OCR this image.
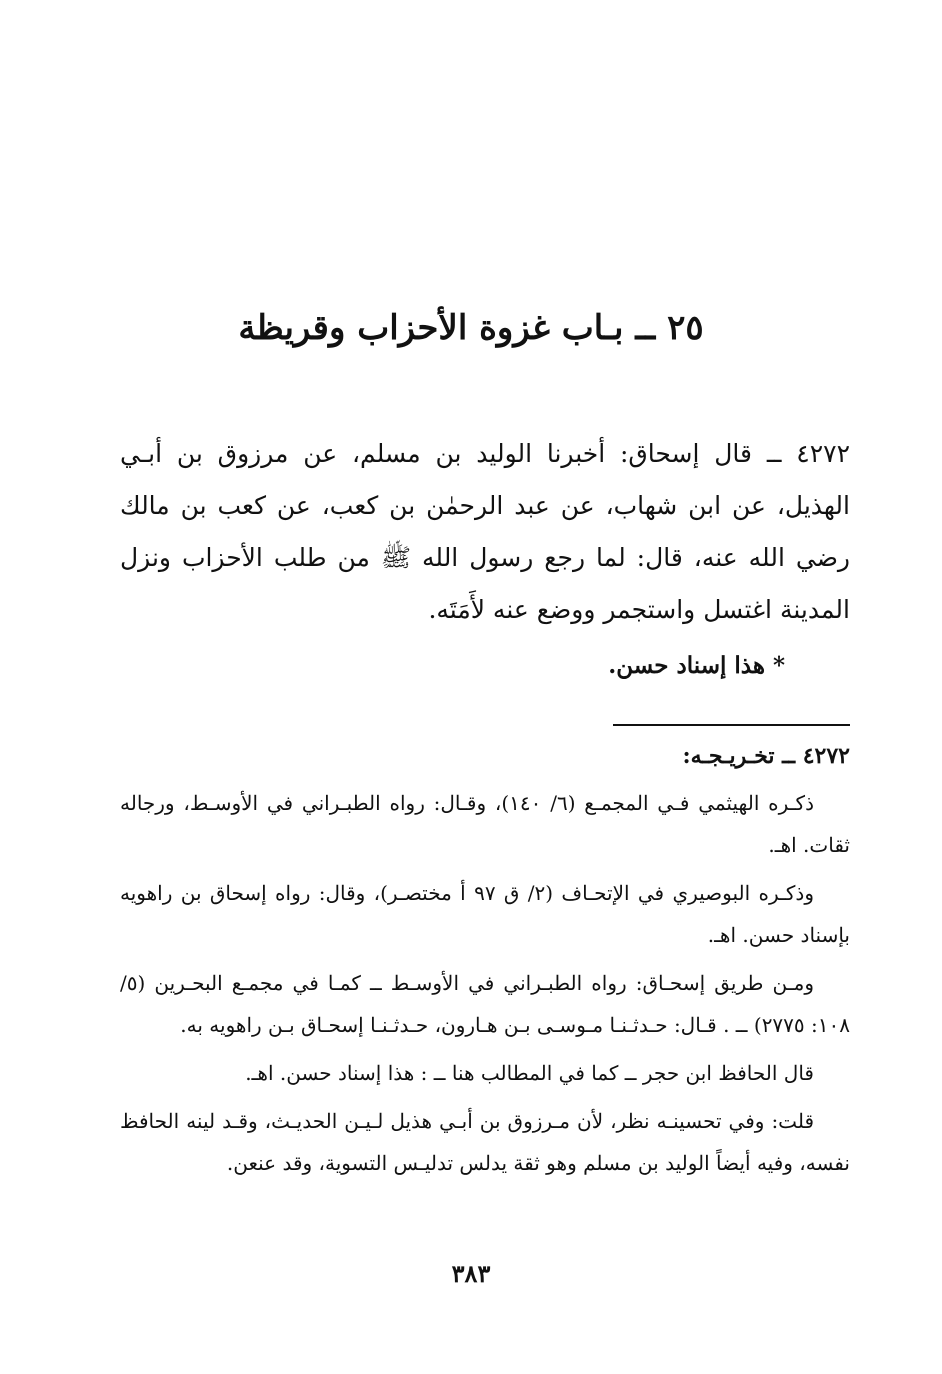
٢٥ ــ بـاب غزوة الأحزاب وقريظة
٤٢٧٢ ــ قال إسحاق: أخبرنا الوليد بن مسلم، عن مرزوق بن أبـي الهذيل، عن ابن شهاب، عن عبد الرحمٰن بن كعب، عن كعب بن مالك رضي الله عنه، قال: لما رجع رسول الله ﷺ من طلب الأحزاب ونزل المدينة اغتسل واستجمر ووضع عنه لأَمَتَه.
* هذا إسناد حسن.
٤٢٧٢ ــ تخـريـجـه:

ذكـره الهيثمي فـي المجمـع (٦/ ١٤٠)، وقـال: رواه الطبـراني في الأوسـط، ورجاله ثقات. اهـ.

وذكـره البوصيري في الإتحـاف (٢/ ق ٩٧ أ مختصـر)، وقال: رواه إسحاق بن راهويه بإسناد حسن. اهـ.

ومـن طريق إسحـاق: رواه الطبـراني في الأوسـط ــ كمـا في مجمـع البحـرين (٥/ ١٠٨: ٢٧٧٥) ــ . قـال: حـدثـنـا مـوسـى بـن هـارون، حـدثـنـا إسحـاق بـن راهويه به.

قال الحافظ ابن حجر ــ كما في المطالب هنا ــ : هذا إسناد حسن. اهـ.

قلت: وفي تحسينـه نظر، لأن مـرزوق بن أبـي هذيل لـيـن الحديـث، وقـد لينه الحافظ نفسه، وفيه أيضاً الوليد بن مسلم وهو ثقة يدلس تدليـس التسوية، وقد عنعن.

٣٨٣
